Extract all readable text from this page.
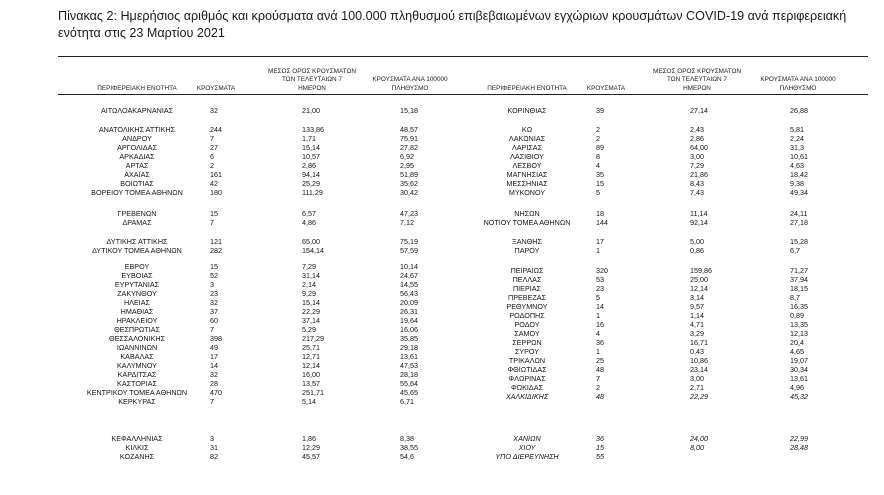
Πίνακας 2: Ημερήσιος αριθμός και κρούσματα ανά 100.000 πληθυσμού επιβεβαιωμένων εγχώριων κρουσμάτων COVID-19 ανά περιφερειακή ενότητα στις 23 Μαρτίου 2021
ΠΕΡΙΦΕΡΕΙΑΚΗ ΕΝΟΤΗΤΑ	ΚΡΟΥΣΜΑΤΑ
ΜΕΣΟΣ ΟΡΟΣ ΚΡΟΥΣΜΑΤΩΝ
ΤΩΝ ΤΕΛΕΥΤΑΙΩΝ 7
ΗΜΕΡΩΝ
ΚΡΟΥΣΜΑΤΑ ΑΝΑ 100000
ΠΛΗΘΥΣΜΟ	ΠΕΡΙΦΕΡΕΙΑΚΗ ΕΝΟΤΗΤΑ	ΚΡΟΥΣΜΑΤΑ
ΜΕΣΟΣ ΟΡΟΣ ΚΡΟΥΣΜΑΤΩΝ
ΤΩΝ ΤΕΛΕΥΤΑΙΩΝ 7
ΗΜΕΡΩΝ
ΚΡΟΥΣΜΑΤΑ ΑΝΑ 100000
ΠΛΗΘΥΣΜΟ
ΑΙΤΩΛΟΑΚΑΡΝΑΝΙΑΣ	32	21,00	15,18
ΑΝΑΤΟΛΙΚΗΣ ΑΤΤΙΚΗΣ	244	133,86	48,57
ΑΝΔΡΟΥ	7	1,71	75,91
ΑΡΓΟΛΙΔΑΣ	27	15,14	27,82
ΑΡΚΑΔΙΑΣ	6	10,57	6,92
ΑΡΤΑΣ	2	2,86	2,95
ΑΧΑΪΑΣ	161	94,14	51,89
ΒΟΙΩΤΙΑΣ	42	25,29	35,62
ΒΟΡΕΙΟΥ ΤΟΜΕΑ ΑΘΗΝΩΝ	180	111,29	30,42
ΓΡΕΒΕΝΩΝ	15	6,57	47,23
ΔΡΑΜΑΣ	7	4,86	7,12
ΔΥΤΙΚΗΣ ΑΤΤΙΚΗΣ	121	65,00	75,19
ΔΥΤΙΚΟΥ ΤΟΜΕΑ ΑΘΗΝΩΝ	282	154,14	57,59
ΕΒΡΟΥ	15	7,29	10,14
ΕΥΒΟΙΑΣ	52	31,14	24,67
ΕΥΡΥΤΑΝΙΑΣ	3	2,14	14,55
ΖΑΚΥΝΘΟΥ	23	9,29	56,43
ΗΛΕΙΑΣ	32	15,14	20,09
ΗΜΑΘΙΑΣ	37	22,29	26,31
ΗΡΑΚΛΕΙΟΥ	60	37,14	19,64
ΘΕΣΠΡΩΤΙΑΣ	7	5,29	16,06
ΘΕΣΣΑΛΟΝΙΚΗΣ	398	217,29	35,85
ΙΩΑΝΝΙΝΩΝ	49	25,71	29,18
ΚΑΒΑΛΑΣ	17	12,71	13,61
ΚΑΛΥΜΝΟΥ	14	12,14	47,53
ΚΑΡΔΙΤΣΑΣ	32	16,00	28,18
ΚΑΣΤΟΡΙΑΣ	28	13,57	55,64
ΚΕΝΤΡΙΚΟΥ ΤΟΜΕΑ ΑΘΗΝΩΝ	470	251,71	45,65
ΚΕΡΚΥΡΑΣ	7	5,14	6,71
ΚΕΦΑΛΛΗΝΙΑΣ	3	1,86	8,38
ΚΙΛΚΙΣ	31	12,29	38,55
ΚΟΖΑΝΗΣ	82	45,57	54,6
ΚΟΡΙΝΘΙΑΣ	39	27,14	26,88
ΚΩ	2	2,43	5,81
ΛΑΚΩΝΙΑΣ	2	2,86	2,24
ΛΑΡΙΣΑΣ	89	64,00	31,3
ΛΑΣΙΘΙΟΥ	8	3,00	10,61
ΛΕΣΒΟΥ	4	7,29	4,63
ΜΑΓΝΗΣΙΑΣ	35	21,86	18,42
ΜΕΣΣΗΝΙΑΣ	15	8,43	9,38
ΜΥΚΟΝΟΥ	5	7,43	49,34
ΝΗΣΩΝ	18	11,14	24,11
ΝΟΤΙΟΥ ΤΟΜΕΑ ΑΘΗΝΩΝ	144	92,14	27,18
ΞΑΝΘΗΣ	17	5,00	15,28
ΠΑΡΟΥ	1	0,86	6,7
ΠΕΙΡΑΙΩΣ	320	159,86	71,27
ΠΕΛΛΑΣ	53	25,00	37,94
ΠΙΕΡΙΑΣ	23	12,14	18,15
ΠΡΕΒΕΖΑΣ	5	3,14	8,7
ΡΕΘΥΜΝΟΥ	14	9,57	16,35
ΡΟΔΟΠΗΣ	1	1,14	0,89
ΡΟΔΟΥ	16	4,71	13,35
ΣΑΜΟΥ	4	3,29	12,13
ΣΕΡΡΩΝ	36	16,71	20,4
ΣΥΡΟΥ	1	0,43	4,65
ΤΡΙΚΑΛΩΝ	25	10,86	19,07
ΦΘΙΩΤΙΔΑΣ	48	23,14	30,34
ΦΛΩΡΙΝΑΣ	7	3,00	13,61
ΦΩΚΙΔΑΣ	2	2,71	4,96
ΧΑΛΚΙΔΙΚΗΣ	48	22,29	45,32
ΧΑΝΙΩΝ	36	24,00	22,99
ΧΙΟΥ	15	8,00	28,48
ΥΠΟ ΔΙΕΡΕΥΝΗΣΗ	55
